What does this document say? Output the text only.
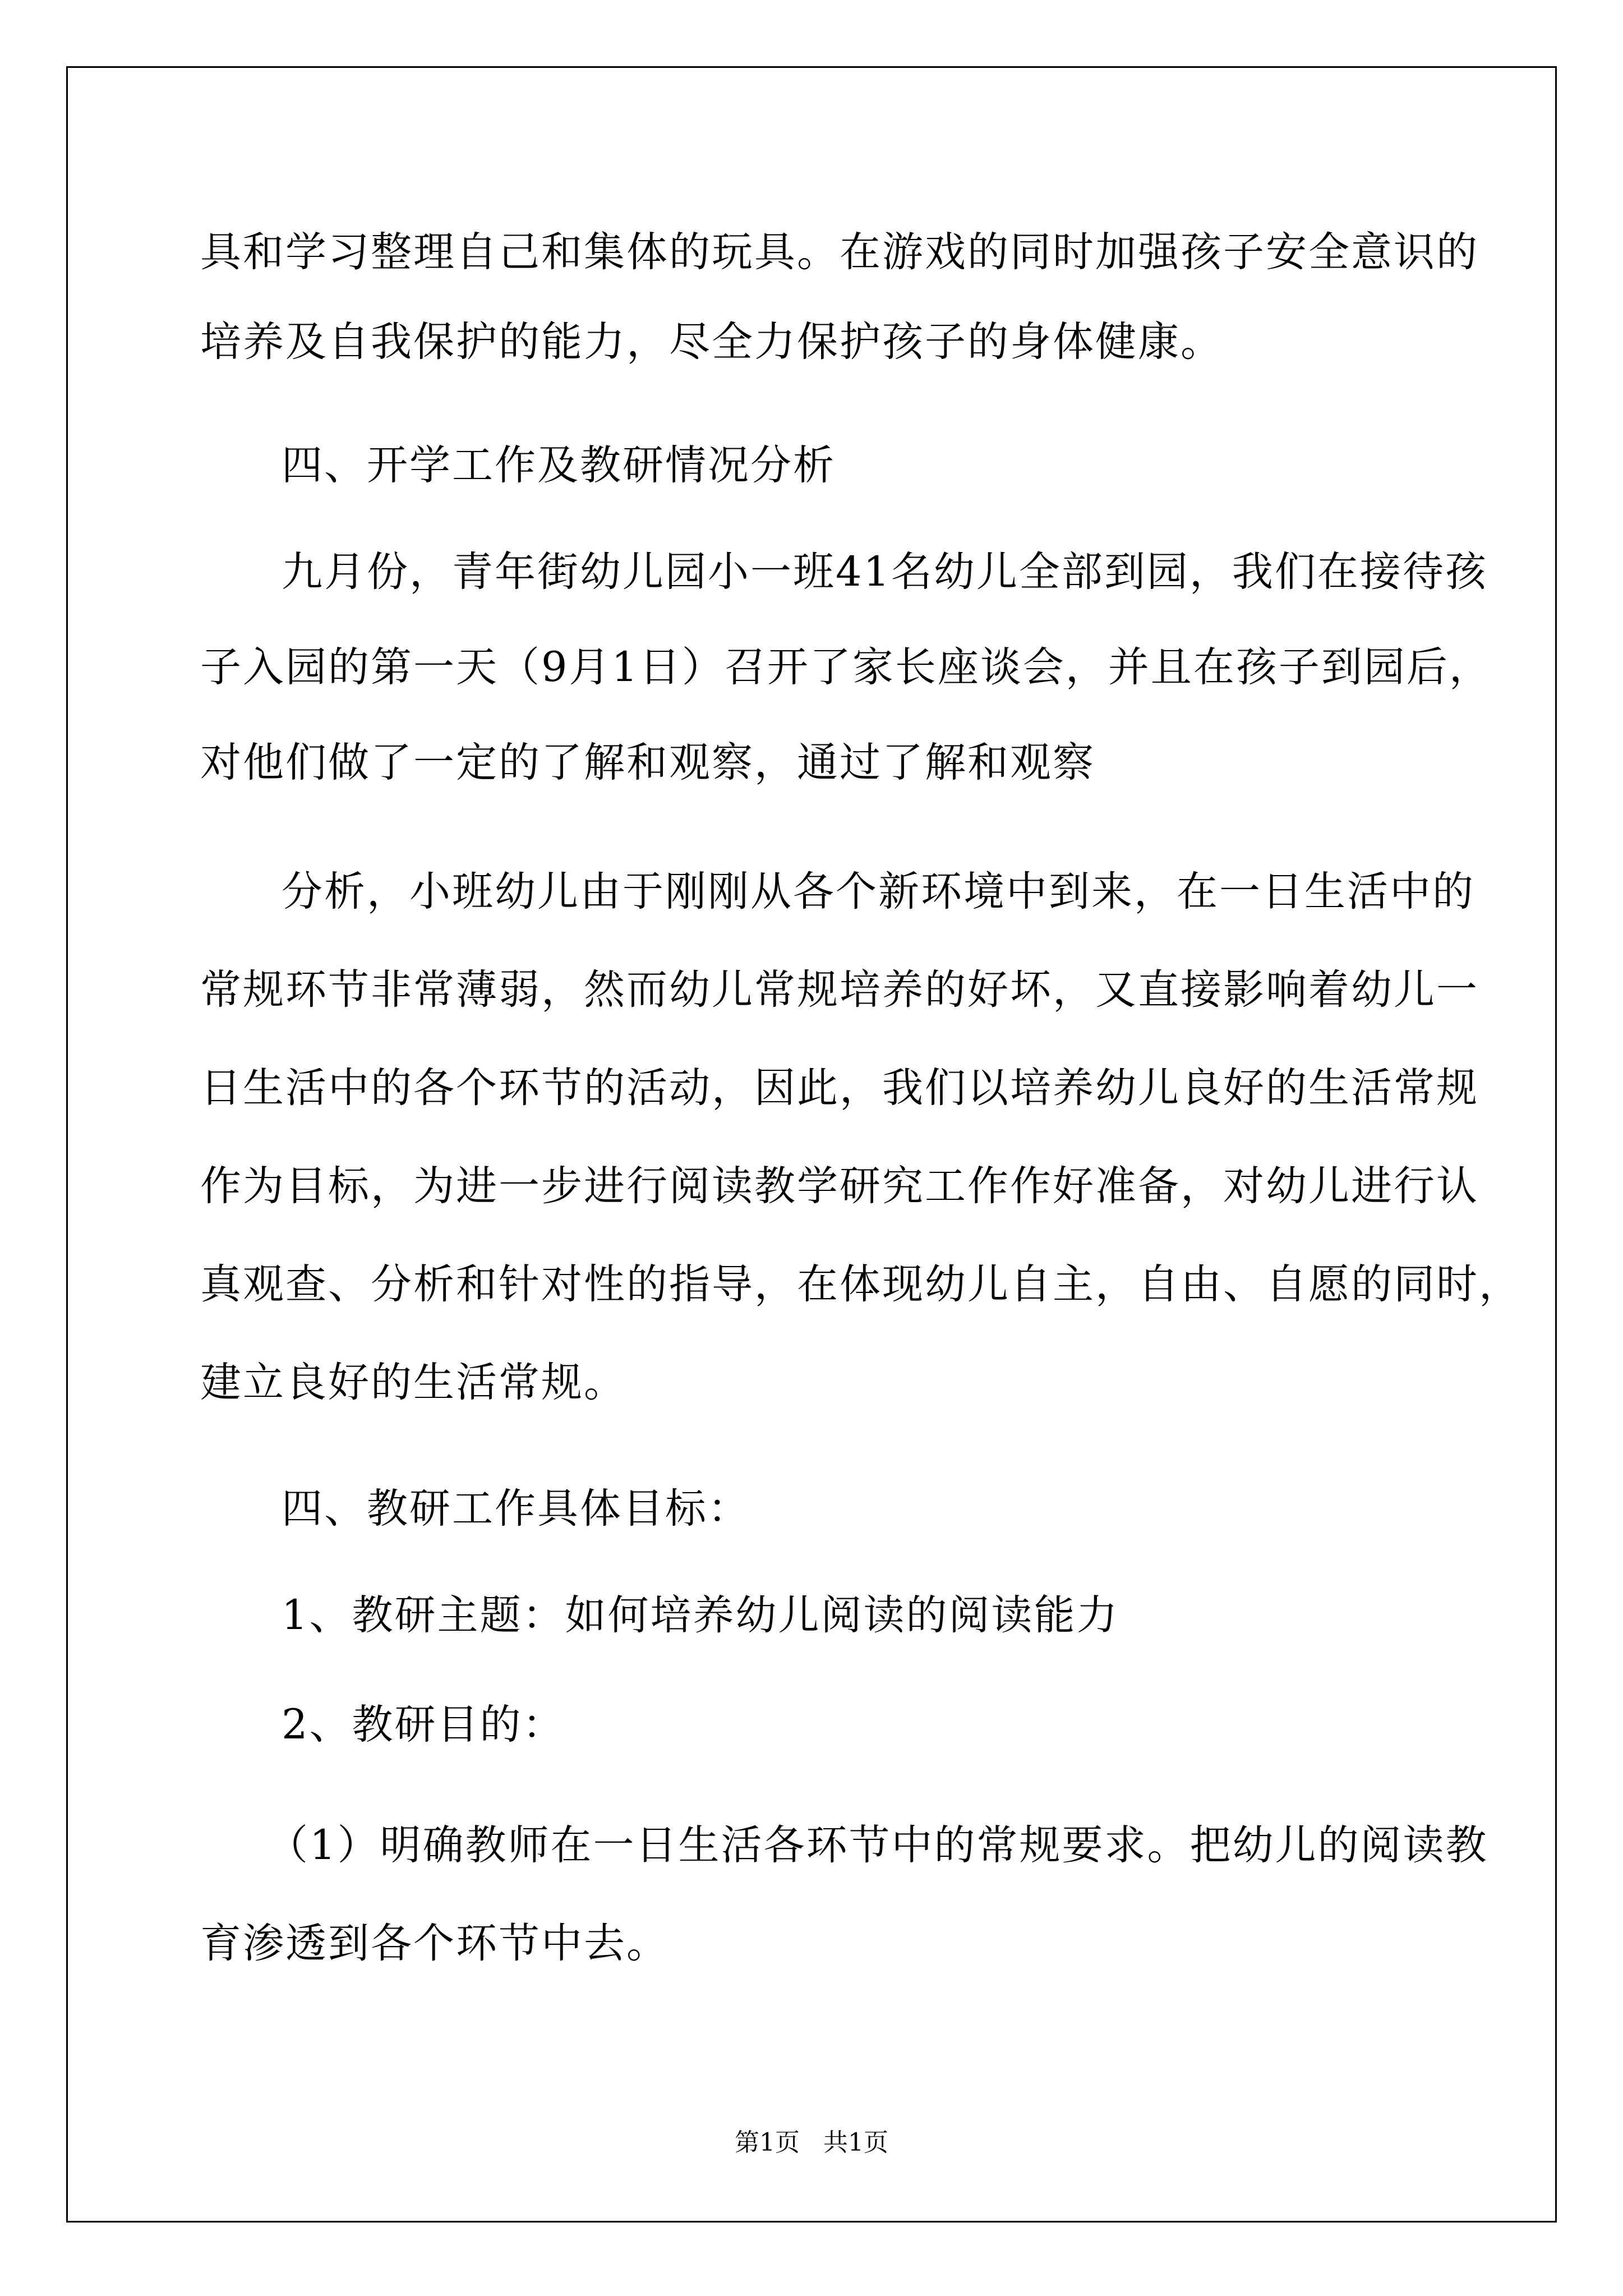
具和学习整理自己和集体的玩具。在游戏的同时加强孩子安全意识的
培养及自我保护的能力，尽全力保护孩子的身体健康。
四、开学工作及教研情况分析
九月份，青年街幼儿园小一班41名幼儿全部到园，我们在接待孩
子入园的第一天（9月1日）召开了家长座谈会，并且在孩子到园后，
对他们做了一定的了解和观察，通过了解和观察
分析，小班幼儿由于刚刚从各个新环境中到来，在一日生活中的
常规环节非常薄弱，然而幼儿常规培养的好坏，又直接影响着幼儿一
日生活中的各个环节的活动，因此，我们以培养幼儿良好的生活常规
作为目标，为进一步进行阅读教学研究工作作好准备，对幼儿进行认
真观查、分析和针对性的指导，在体现幼儿自主，自由、自愿的同时，
建立良好的生活常规。
四、教研工作具体目标：
1、教研主题：如何培养幼儿阅读的阅读能力
2、教研目的：
（1）明确教师在一日生活各环节中的常规要求。把幼儿的阅读教
育渗透到各个环节中去。
第1页   共1页
